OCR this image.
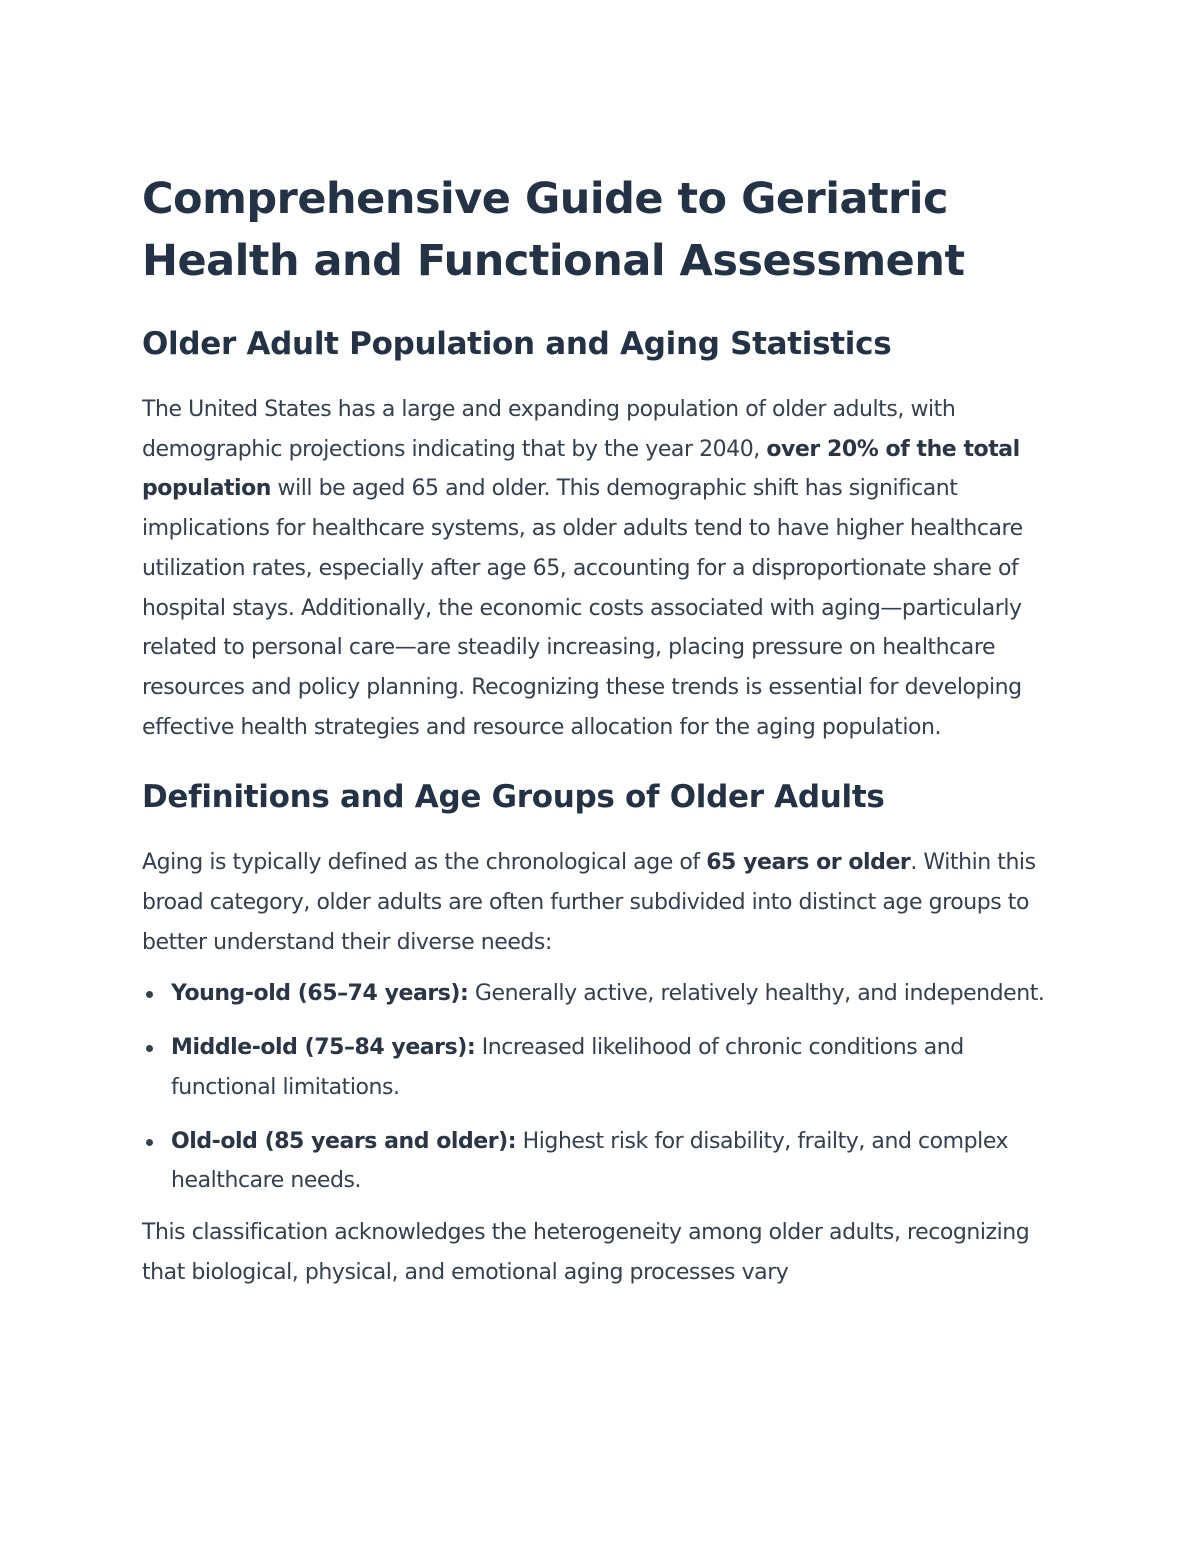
Comprehensive Guide to Geriatric Health and Functional Assessment
Older Adult Population and Aging Statistics

The United States has a large and expanding population of older adults, with demographic projections indicating that by the year 2040, over 20% of the total population will be aged 65 and older. This demographic shift has significant implications for healthcare systems, as older adults tend to have higher healthcare utilization rates, especially after age 65, accounting for a disproportionate share of hospital stays. Additionally, the economic costs associated with aging—particularly related to personal care—are steadily increasing, placing pressure on healthcare resources and policy planning. Recognizing these trends is essential for developing effective health strategies and resource allocation for the aging population.

Definitions and Age Groups of Older Adults

Aging is typically defined as the chronological age of 65 years or older. Within this broad category, older adults are often further subdivided into distinct age groups to better understand their diverse needs:

Young-old (65–74 years): Generally active, relatively healthy, and independent.
Middle-old (75–84 years): Increased likelihood of chronic conditions and functional limitations.
Old-old (85 years and older): Highest risk for disability, frailty, and complex healthcare needs.

This classification acknowledges the heterogeneity among older adults, recognizing that biological, physical, and emotional aging processes vary
